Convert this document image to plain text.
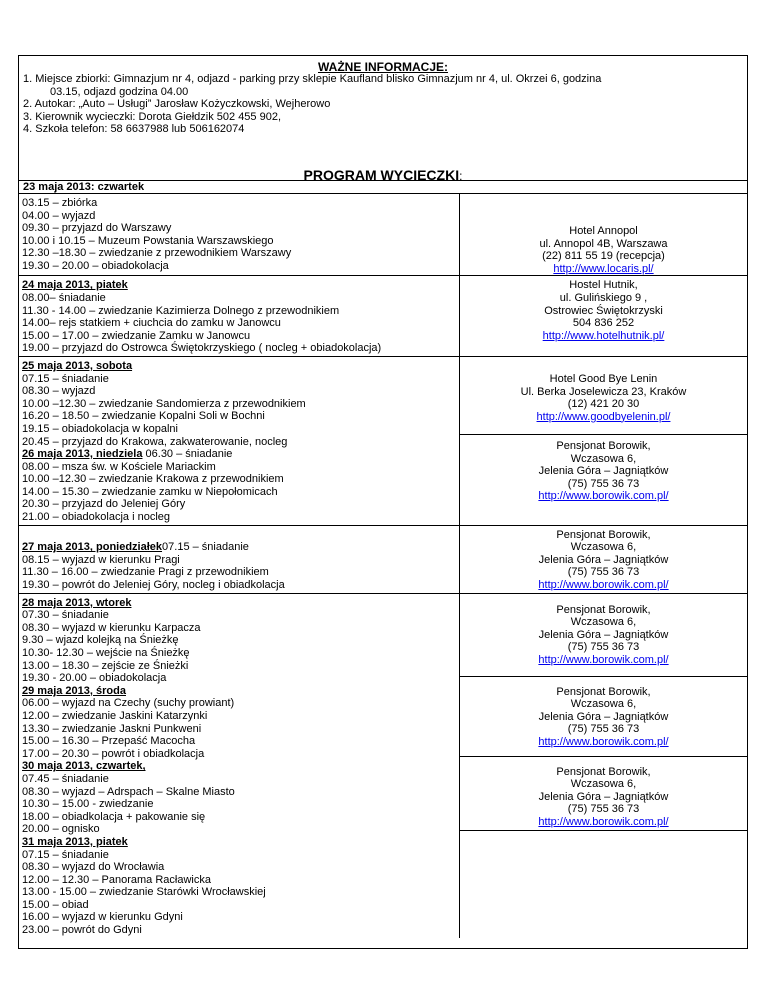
WAŻNE INFORMACJE:
1. Miejsce zbiorki: Gimnazjum nr 4, odjazd - parking przy sklepie Kaufland blisko Gimnazjum nr 4, ul. Okrzei 6, godzina
03.15, odjazd godzina 04.00
2. Autokar: „Auto – Usługi” Jarosław Kożyczkowski, Wejherowo
3. Kierownik wycieczki: Dorota Giełdzik 502 455 902,
4. Szkoła telefon: 58 6637988 lub 506162074
PROGRAM WYCIECZKI:
23 maja 2013: czwartek
03.15 – zbiórka
04.00 – wyjazd
09.30 – przyjazd do Warszawy
10.00 i 10.15 – Muzeum Powstania Warszawskiego
12.30 –18.30 – zwiedzanie z przewodnikiem Warszawy
19.30 – 20.00 – obiadokolacja
Hotel Annopol
ul. Annopol 4B, Warszawa
(22) 811 55 19 (recepcja)
http://www.locaris.pl/
24 maja 2013, piatek
08.00– śniadanie
11.30 - 14.00 – zwiedzanie Kazimierza Dolnego z przewodnikiem
14.00– rejs statkiem + ciuchcia do zamku w Janowcu
15.00 – 17.00 – zwiedzanie Zamku w Janowcu
19.00 – przyjazd do Ostrowca Świętokrzyskiego ( nocleg + obiadokolacja)
Hostel Hutnik,
ul. Gulińskiego 9 ,
Ostrowiec Świętokrzyski
504 836 252
http://www.hotelhutnik.pl/
25 maja 2013, sobota
07.15 – śniadanie
08.30 – wyjazd
10.00 –12.30 – zwiedzanie Sandomierza z przewodnikiem
16.20 – 18.50 – zwiedzanie Kopalni Soli w Bochni
19.15 – obiadokolacja w kopalni
20.45 – przyjazd do Krakowa, zakwaterowanie, nocleg
26 maja 2013, niedziela 06.30 – śniadanie
08.00 – msza św. w Kościele Mariackim
10.00 –12.30 – zwiedzanie Krakowa z przewodnikiem
14.00 – 15.30 – zwiedzanie zamku w Niepołomicach
20.30 – przyjazd do Jeleniej Góry
21.00 – obiadokolacja i nocleg
Hotel Good Bye Lenin
Ul. Berka Joselewicza 23, Kraków
(12) 421 20 30
http://www.goodbyelenin.pl/
Pensjonat Borowik,
Wczasowa 6,
Jelenia Góra – Jagniątków
(75) 755 36 73
http://www.borowik.com.pl/

27 maja 2013, poniedziałek07.15 – śniadanie
08.15 – wyjazd w kierunku Pragi
11.30 – 16.00 – zwiedzanie Pragi z przewodnikiem
19.30 – powrót do Jeleniej Góry, nocleg i obiadkolacja
Pensjonat Borowik,
Wczasowa 6,
Jelenia Góra – Jagniątków
(75) 755 36 73
http://www.borowik.com.pl/
28 maja 2013, wtorek
07.30 – śniadanie
08.30 – wyjazd w kierunku Karpacza
9.30 – wjazd kolejką na Śnieżkę
10.30- 12.30 – wejście na Śnieżkę
13.00 – 18.30 – zejście ze Śnieżki
19.30 - 20.00 – obiadokolacja
29 maja 2013, środa
06.00 – wyjazd na Czechy (suchy prowiant)
12.00 – zwiedzanie Jaskini Katarzynki
13.30 – zwiedzanie Jaskni Punkweni
15.00 – 16.30 – Przepaść Macocha
17.00 – 20.30 – powrót i obiadkolacja
30 maja 2013, czwartek,
07.45 – śniadanie
08.30 – wyjazd – Adrspach – Skalne Miasto
10.30 – 15.00 - zwiedzanie
18.00 – obiadkolacja + pakowanie się
20.00 – ognisko
31 maja 2013, piatek
07.15 – śniadanie
08.30 – wyjazd do Wrocławia
12.00 – 12.30 – Panorama Racławicka
13.00 - 15.00 – zwiedzanie Starówki Wrocławskiej
15.00 – obiad
16.00 – wyjazd w kierunku Gdyni
23.00 – powrót do Gdyni
Pensjonat Borowik,
Wczasowa 6,
Jelenia Góra – Jagniątków
(75) 755 36 73
http://www.borowik.com.pl/
Pensjonat Borowik,
Wczasowa 6,
Jelenia Góra – Jagniątków
(75) 755 36 73
http://www.borowik.com.pl/
Pensjonat Borowik,
Wczasowa 6,
Jelenia Góra – Jagniątków
(75) 755 36 73
http://www.borowik.com.pl/
